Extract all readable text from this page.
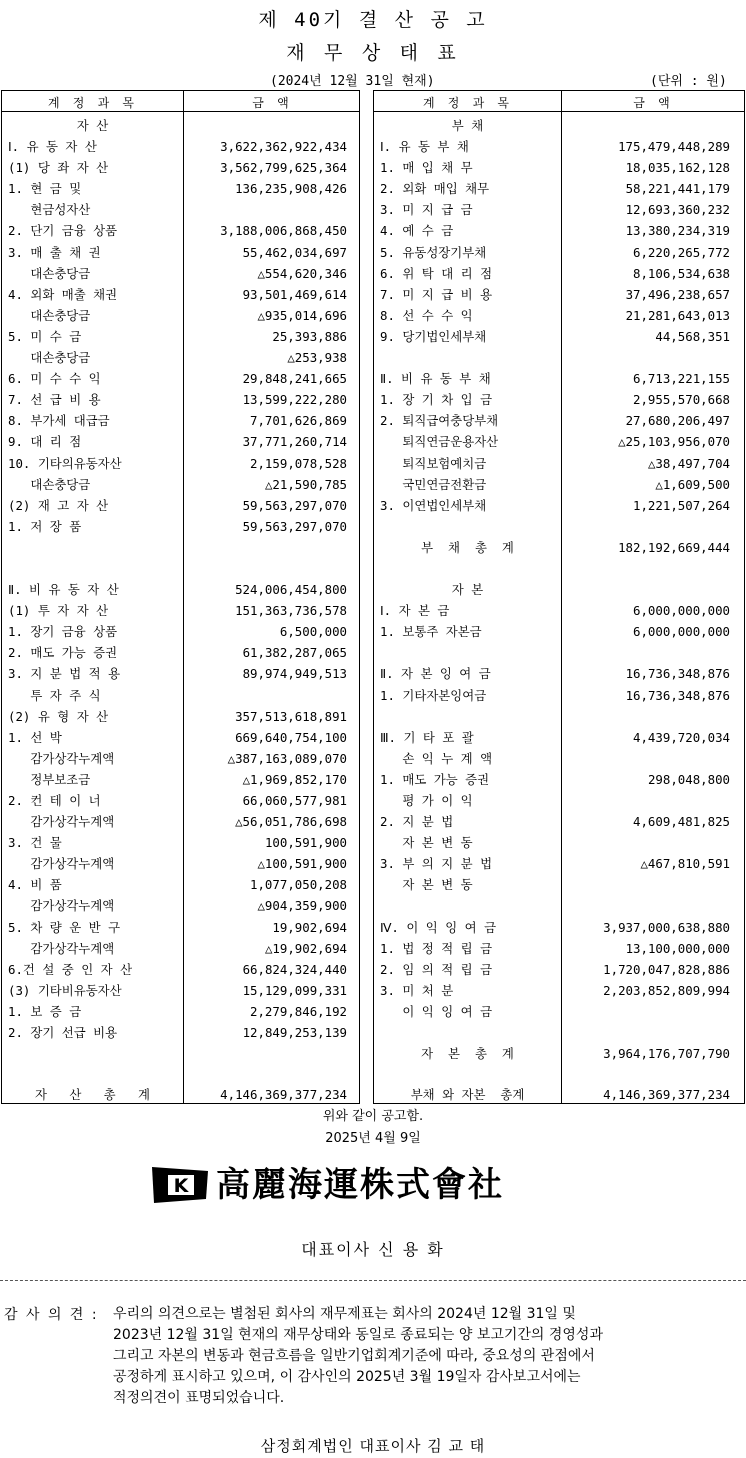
제 40기 결 산 공 고
재 무 상 태 표
(2024년 12월 31일 현재)	(단위 : 원)
계 정 과 목	금 액
자 산
Ⅰ. 유 동 자 산	3,622,362,922,434
(1) 당 좌 자 산	3,562,799,625,364
1. 현 금 및	136,235,908,426
현금성자산
2. 단기 금융 상품	3,188,006,868,450
3. 매 출 채 권	55,462,034,697
대손충당금	△554,620,346
4. 외화 매출 채권	93,501,469,614
대손충당금	△935,014,696
5. 미 수 금	25,393,886
대손충당금	△253,938
6. 미 수 수 익	29,848,241,665
7. 선 급 비 용	13,599,222,280
8. 부가세 대급금	7,701,626,869
9. 대 리 점	37,771,260,714
10. 기타의유동자산	2,159,078,528
대손충당금	△21,590,785
(2) 재 고 자 산	59,563,297,070
1. 저 장 품	59,563,297,070
Ⅱ. 비 유 동 자 산	524,006,454,800
(1) 투 자 자 산	151,363,736,578
1. 장기 금융 상품	6,500,000
2. 매도 가능 증권	61,382,287,065
3. 지 분 법 적 용	89,974,949,513
투 자 주 식
(2) 유 형 자 산	357,513,618,891
1. 선 박	669,640,754,100
감가상각누계액	△387,163,089,070
정부보조금	△1,969,852,170
2. 컨 테 이 너	66,060,577,981
감가상각누계액	△56,051,786,698
3. 건 물	100,591,900
감가상각누계액	△100,591,900
4. 비 품	1,077,050,208
감가상각누계액	△904,359,900
5. 차 량 운 반 구	19,902,694
감가상각누계액	△19,902,694
6.건 설 중 인 자 산	66,824,324,440
(3) 기타비유동자산	15,129,099,331
1. 보 증 금	2,279,846,192
2. 장기 선급 비용	12,849,253,139
자   산   총   계	4,146,369,377,234
계 정 과 목	금 액
부 채
Ⅰ. 유 동 부 채	175,479,448,289
1. 매 입 채 무	18,035,162,128
2. 외화 매입 채무	58,221,441,179
3. 미 지 급 금	12,693,360,232
4. 예 수 금	13,380,234,319
5. 유동성장기부채	6,220,265,772
6. 위 탁 대 리 점	8,106,534,638
7. 미 지 급 비 용	37,496,238,657
8. 선 수 수 익	21,281,643,013
9. 당기법인세부채	44,568,351
Ⅱ. 비 유 동 부 채	6,713,221,155
1. 장 기 차 입 금	2,955,570,668
2. 퇴직급여충당부채	27,680,206,497
퇴직연금운용자산	△25,103,956,070
퇴직보험예치금	△38,497,704
국민연금전환금	△1,609,500
3. 이연법인세부채	1,221,507,264
부  채  총  계	182,192,669,444
자 본
Ⅰ. 자 본 금	6,000,000,000
1. 보통주 자본금	6,000,000,000
Ⅱ. 자 본 잉 여 금	16,736,348,876
1. 기타자본잉여금	16,736,348,876
Ⅲ. 기 타 포 괄	4,439,720,034
손 익 누 계 액
1. 매도 가능 증권	298,048,800
평 가 이 익
2. 지 분 법	4,609,481,825
자 본 변 동
3. 부 의 지 분 법	△467,810,591
자 본 변 동
Ⅳ. 이 익 잉 여 금	3,937,000,638,880
1. 법 정 적 립 금	13,100,000,000
2. 임 의 적 립 금	1,720,047,828,886
3. 미 처 분	2,203,852,809,994
이 익 잉 여 금
자  본  총  계	3,964,176,707,790
부채 와 자본  총계	4,146,369,377,234
위와 같이 공고함.
2025년 4월 9일
K 高麗海運株式會社
대표이사 신 용 화
감 사 의 견 : 우리의 의견으로는 별첨된 회사의 재무제표는 회사의 2024년 12월 31일 및
2023년 12월 31일 현재의 재무상태와 동일로 종료되는 양 보고기간의 경영성과
그리고 자본의 변동과 현금흐름을 일반기업회계기준에 따라, 중요성의 관점에서
공정하게 표시하고 있으며, 이 감사인의 2025년 3월 19일자 감사보고서에는
적정의견이 표명되었습니다.
삼정회계법인 대표이사 김 교 태
